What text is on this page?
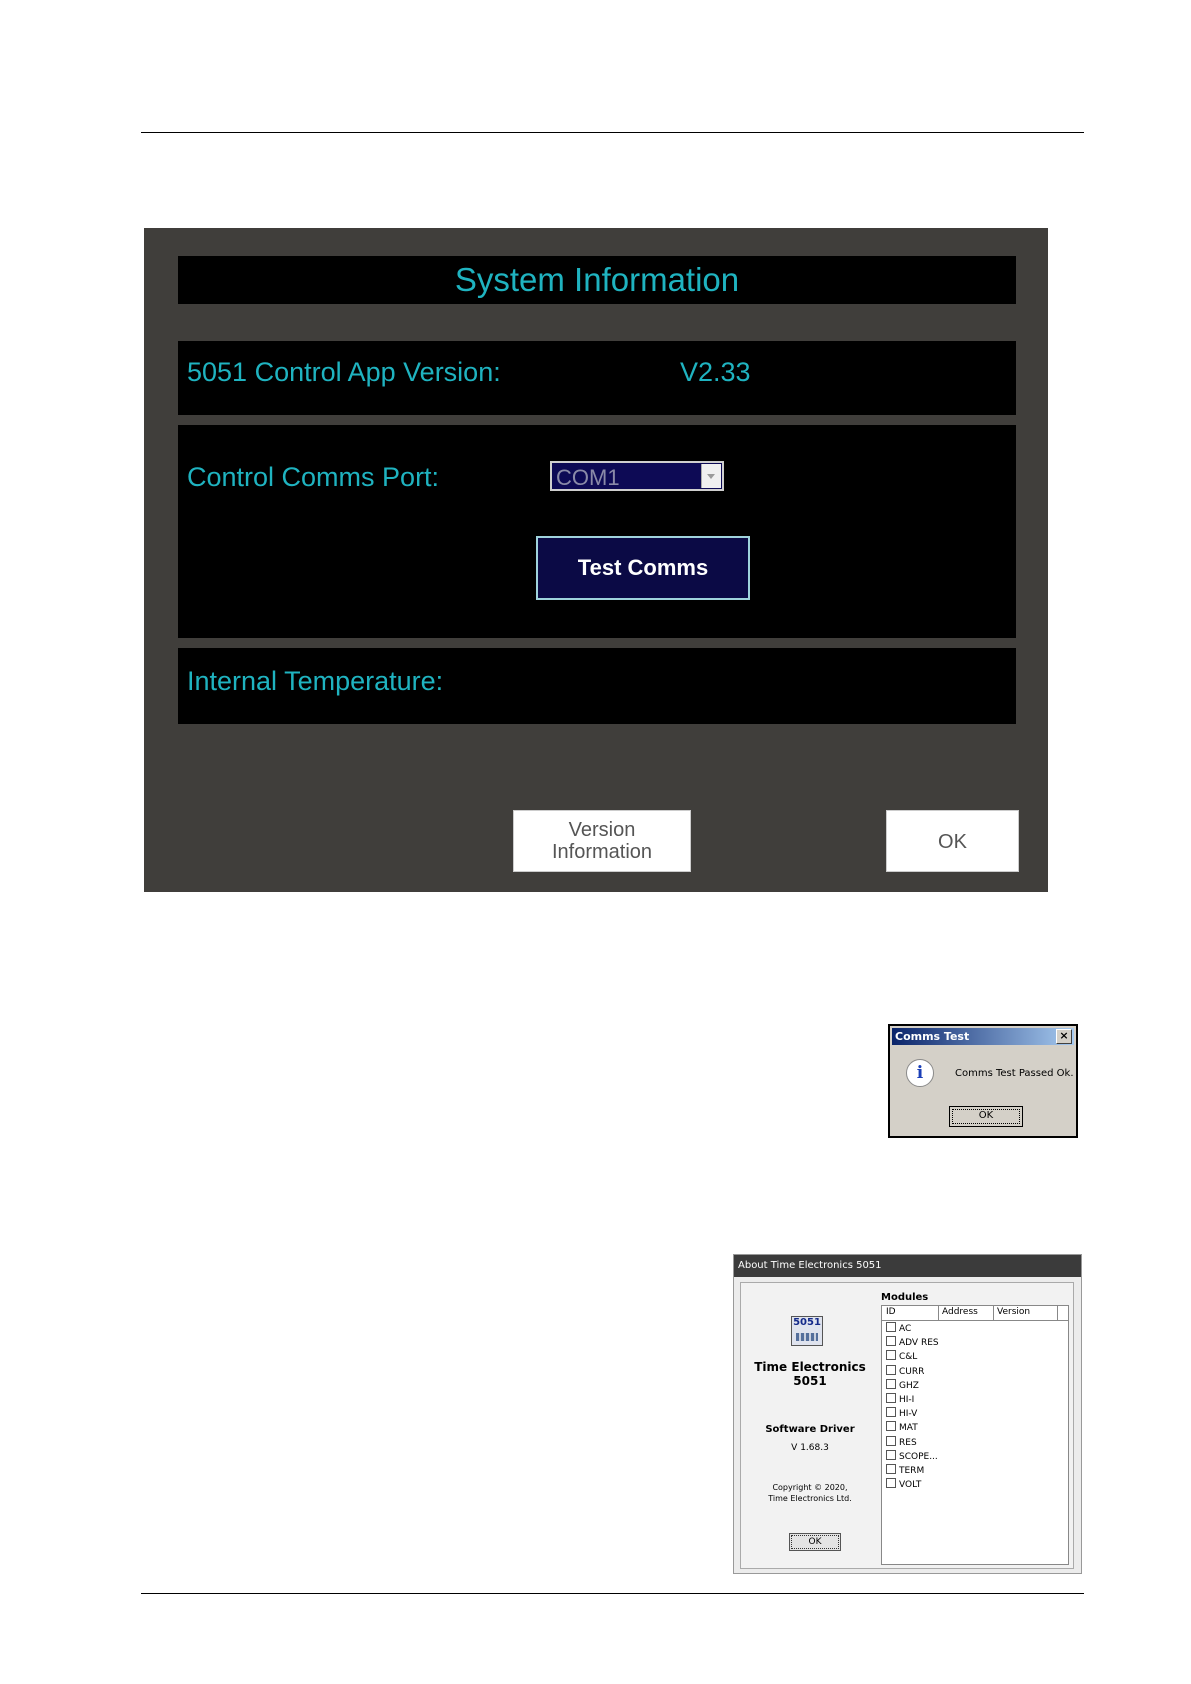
System Information
5051 Control App Version:	V2.33
Control Comms Port:	COM1
Test Comms
Internal Temperature:
Version
Information	OK
Comms Test	×
i	Comms Test Passed Ok.
OK
About Time Electronics 5051
5051
Time Electronics
5051
Software Driver
V 1.68.3
Copyright © 2020,
Time Electronics Ltd.
OK
Modules
ID	Address Version
AC
ADV RES
C&L
CURR
GHZ
HI-I
HI-V
MAT
RES
SCOPE...
TERM
VOLT
